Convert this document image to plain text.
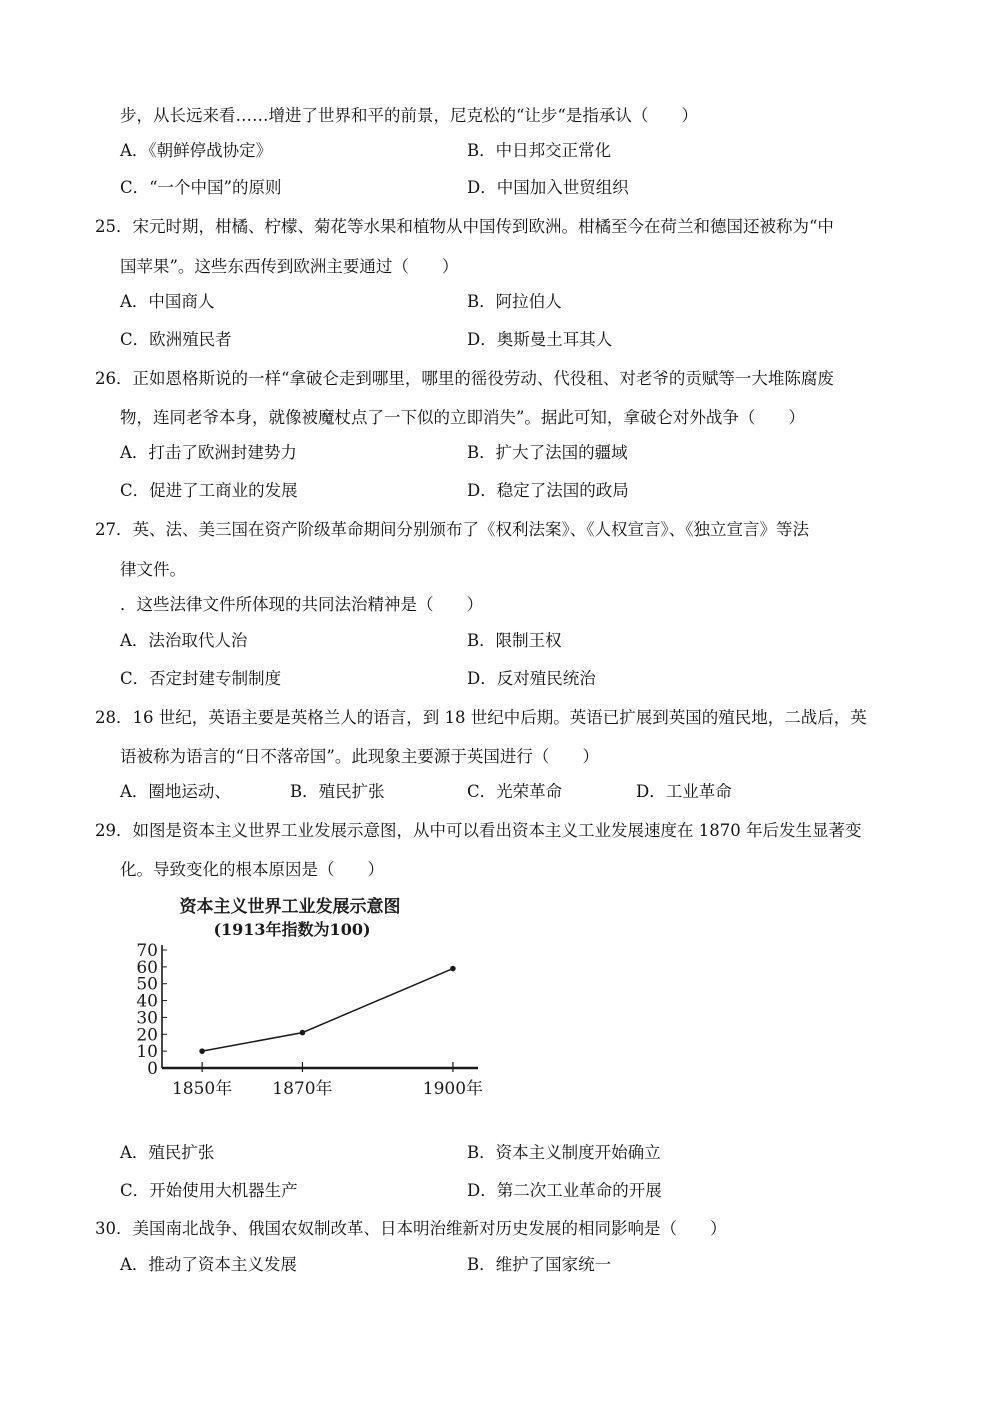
步，从长远来看……增进了世界和平的前景，尼克松的“让步“是指承认（　　）
A．《朝鲜停战协定》	B．中日邦交正常化
C．“一个中国”的原则	D．中国加入世贸组织
25．宋元时期，柑橘、柠檬、菊花等水果和植物从中国传到欧洲。柑橘至今在荷兰和德国还被称为“中
国苹果”。这些东西传到欧洲主要通过（　　）
A．中国商人	B．阿拉伯人
C．欧洲殖民者	D．奥斯曼土耳其人
26．正如恩格斯说的一样“拿破仑走到哪里，哪里的徭役劳动、代役租、对老爷的贡赋等一大堆陈腐废
物，连同老爷本身，就像被魔杖点了一下似的立即消失”。据此可知，拿破仑对外战争（　　）
A．打击了欧洲封建势力	B．扩大了法国的疆域
C．促进了工商业的发展	D．稳定了法国的政局
27．英、法、美三国在资产阶级革命期间分别颁布了《权利法案》、《人权宣言》、《独立宣言》等法
律文件。
．这些法律文件所体现的共同法治精神是（　　）
A．法治取代人治	B．限制王权
C．否定封建专制制度	D．反对殖民统治
28．16 世纪，英语主要是英格兰人的语言，到 18 世纪中后期。英语已扩展到英国的殖民地，二战后，英
语被称为语言的“日不落帝国”。此现象主要源于英国进行（　　）
A．圈地运动、	B．殖民扩张	C．光荣革命	D．工业革命
29．如图是资本主义世界工业发展示意图，从中可以看出资本主义工业发展速度在 1870 年后发生显著变
化。导致变化的根本原因是（　　）
资本主义世界工业发展示意图
(1913年指数为100)
0
10
20
30
40
50
60
70
1850年 1870年	1900年
A．殖民扩张	B．资本主义制度开始确立
C．开始使用大机器生产	D．第二次工业革命的开展
30．美国南北战争、俄国农奴制改革、日本明治维新对历史发展的相同影响是（　　）
A．推动了资本主义发展	B．维护了国家统一
